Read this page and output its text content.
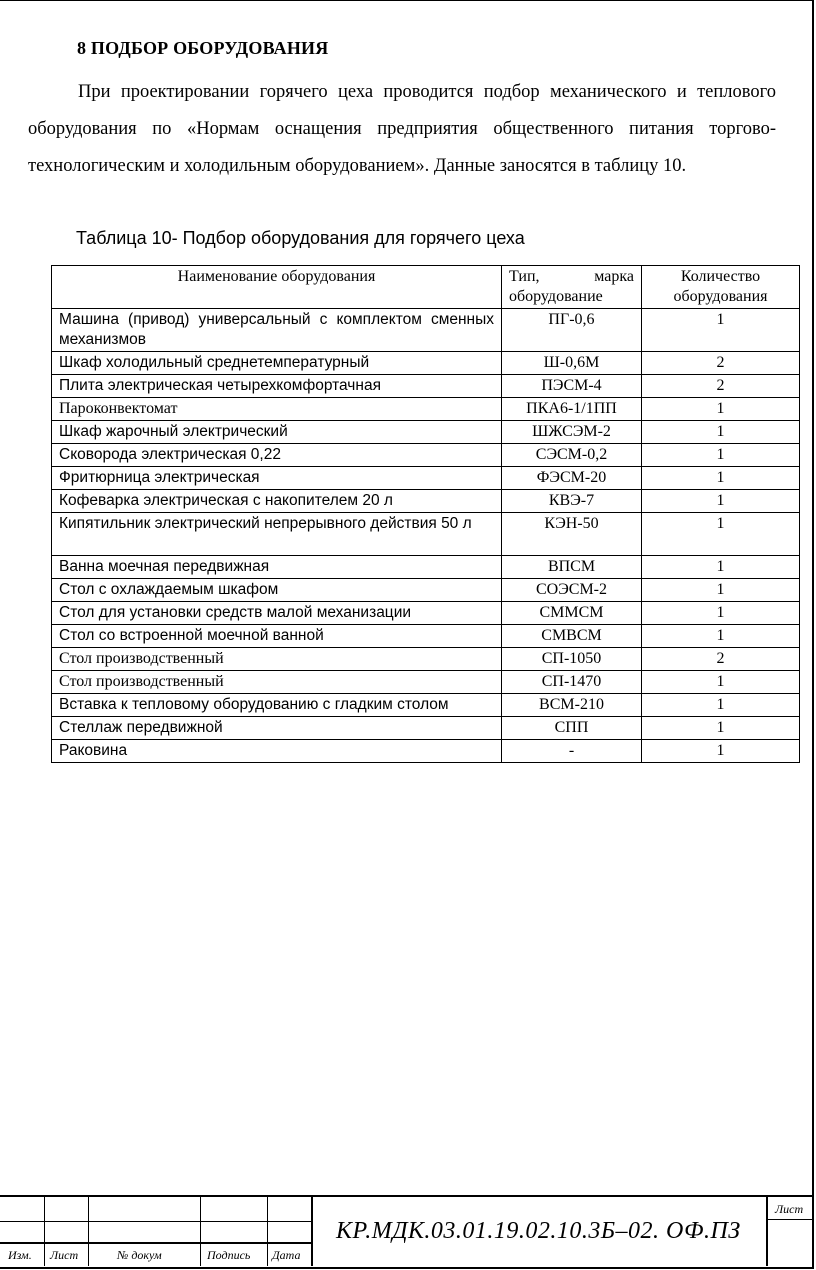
8 ПОДБОР ОБОРУДОВАНИЯ
При проектировании горячего цеха проводится подбор механического и теплового оборудования по «Нормам оснащения предприятия общественного питания торгово-технологическим и холодильным оборудованием». Данные заносятся в таблицу 10.
Таблица 10- Подбор оборудования для горячего цеха
Наименование оборудования	Тип, марка оборудование	Количество оборудования
Машина (привод) универсальный с комплектом сменных механизмов	ПГ-0,6	1
Шкаф холодильный среднетемпературный	Ш-0,6М	2
Плита электрическая четырехкомфортачная	ПЭСМ-4	2
Пароконвектомат	ПКА6-1/1ПП	1
Шкаф жарочный электрический	ШЖСЭМ-2	1
Сковорода электрическая 0,22	СЭСМ-0,2	1
Фритюрница электрическая	ФЭСМ-20	1
Кофеварка электрическая с накопителем 20 л	КВЭ-7	1
Кипятильник электрический непрерывного действия 50 л	КЭН-50	1
Ванна моечная передвижная	ВПСМ	1
Стол с охлаждаемым шкафом	СОЭСМ-2	1
Стол для установки средств малой механизации	СММСМ	1
Стол со встроенной моечной ванной	СМВСМ	1
Стол производственный	СП-1050	2
Стол производственный	СП-1470	1
Вставка к тепловому оборудованию с гладким столом	ВСМ-210	1
Стеллаж передвижной	СПП	1
Раковина	-	1
Изм. Лист	№ докум	Подпись Дата
КР.МДК.03.01.19.02.10.3Б–02. ОФ.ПЗ
Лист
